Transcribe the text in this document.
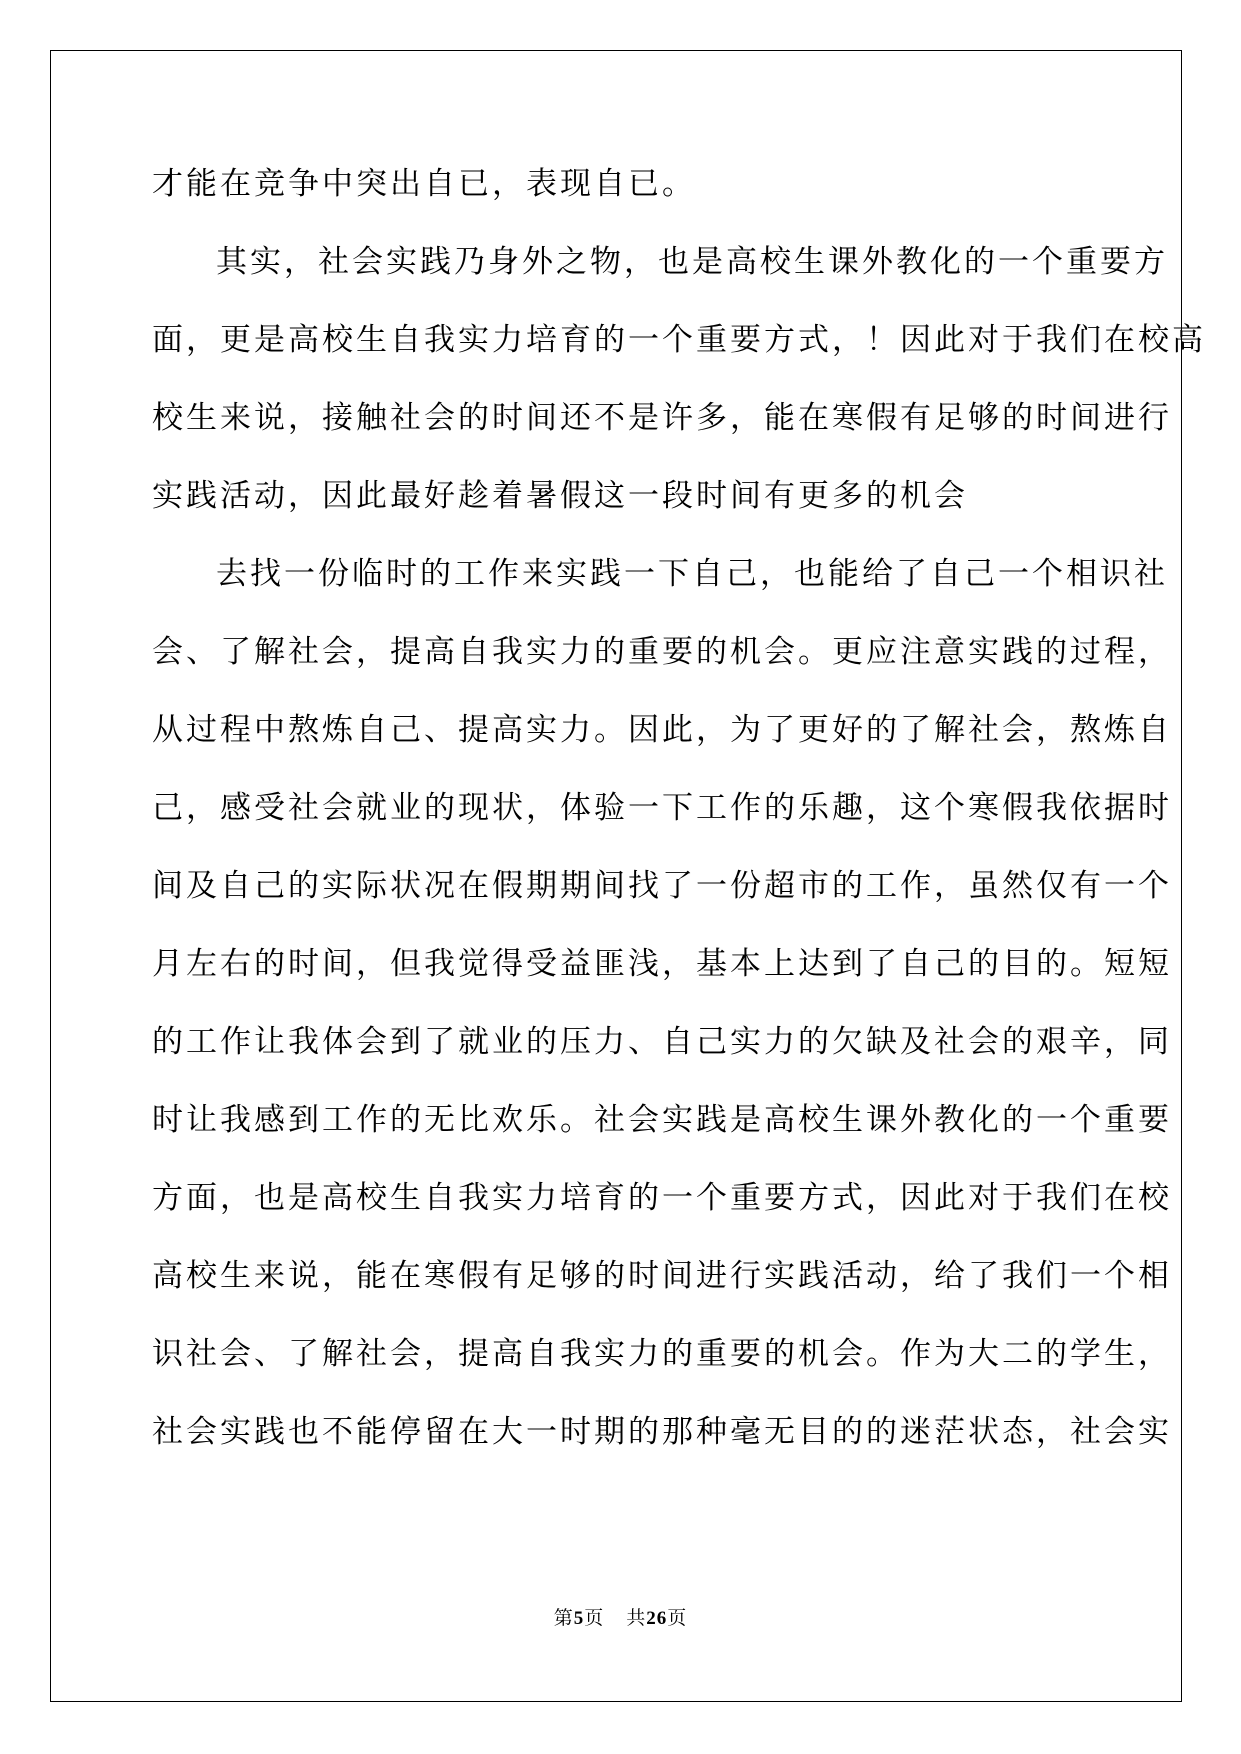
才能在竞争中突出自已，表现自已。
其实，社会实践乃身外之物，也是高校生课外教化的一个重要方
面，更是高校生自我实力培育的一个重要方式，！因此对于我们在校高
校生来说，接触社会的时间还不是许多，能在寒假有足够的时间进行
实践活动，因此最好趁着暑假这一段时间有更多的机会
去找一份临时的工作来实践一下自己，也能给了自己一个相识社
会、了解社会，提高自我实力的重要的机会。更应注意实践的过程，
从过程中熬炼自己、提高实力。因此，为了更好的了解社会，熬炼自
己，感受社会就业的现状，体验一下工作的乐趣，这个寒假我依据时
间及自己的实际状况在假期期间找了一份超市的工作，虽然仅有一个
月左右的时间，但我觉得受益匪浅，基本上达到了自己的目的。短短
的工作让我体会到了就业的压力、自己实力的欠缺及社会的艰辛，同
时让我感到工作的无比欢乐。社会实践是高校生课外教化的一个重要
方面，也是高校生自我实力培育的一个重要方式，因此对于我们在校
高校生来说，能在寒假有足够的时间进行实践活动，给了我们一个相
识社会、了解社会，提高自我实力的重要的机会。作为大二的学生，
社会实践也不能停留在大一时期的那种毫无目的的迷茫状态，社会实
第5页 共26页
